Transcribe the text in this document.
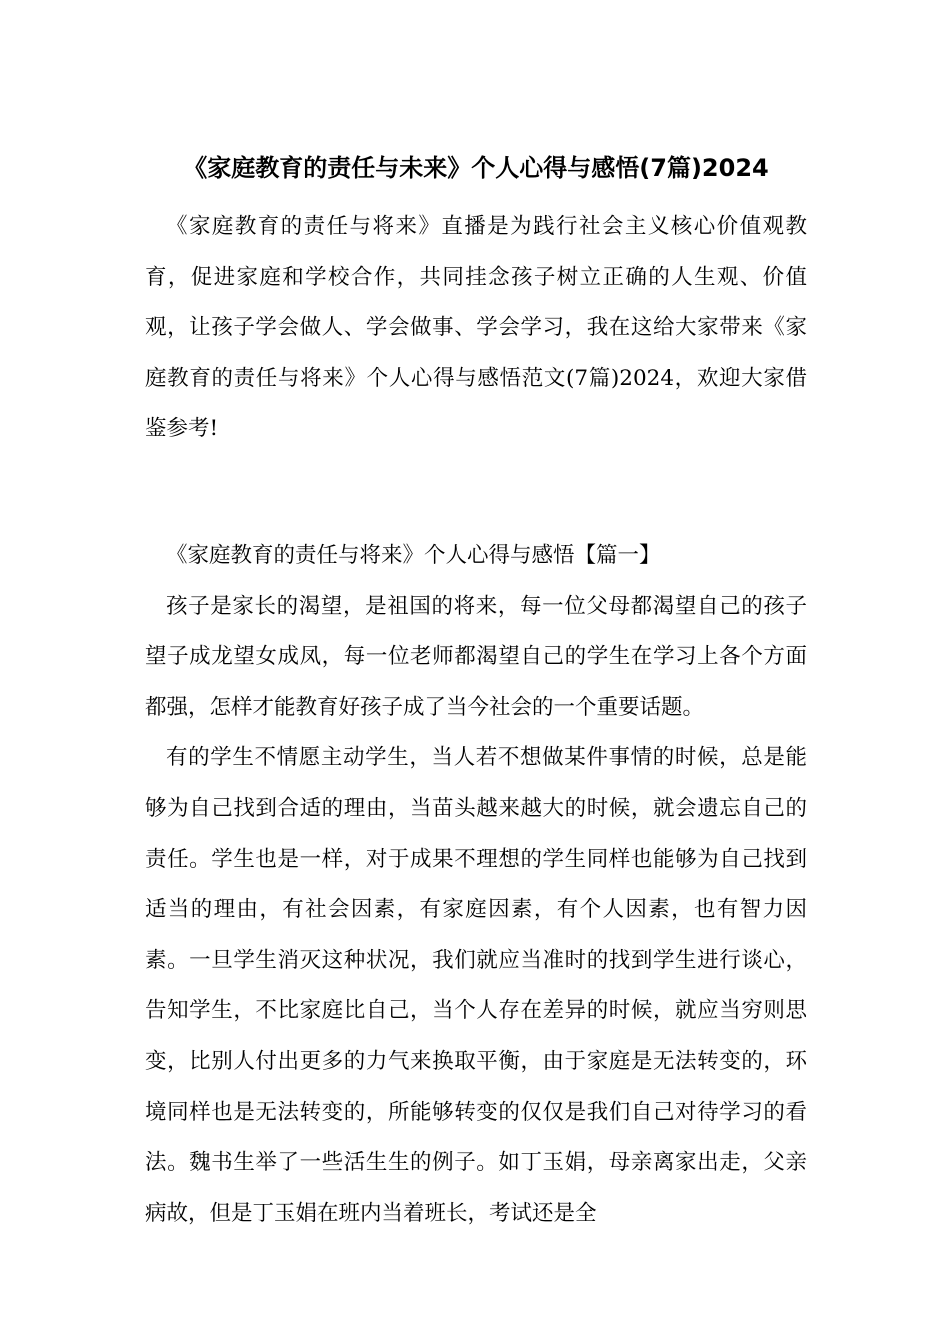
《家庭教育的责任与未来》个人心得与感悟(7篇)2024

《家庭教育的责任与将来》直播是为践行社会主义核心价值观教育，促进家庭和学校合作，共同挂念孩子树立正确的人生观、价值观，让孩子学会做人、学会做事、学会学习，我在这给大家带来《家庭教育的责任与将来》个人心得与感悟范文(7篇)2024，欢迎大家借鉴参考!

《家庭教育的责任与将来》个人心得与感悟【篇一】

孩子是家长的渴望，是祖国的将来，每一位父母都渴望自己的孩子望子成龙望女成凤，每一位老师都渴望自己的学生在学习上各个方面都强，怎样才能教育好孩子成了当今社会的一个重要话题。

有的学生不情愿主动学生，当人若不想做某件事情的时候，总是能够为自己找到合适的理由，当苗头越来越大的时候，就会遗忘自己的责任。学生也是一样，对于成果不理想的学生同样也能够为自己找到适当的理由，有社会因素，有家庭因素，有个人因素，也有智力因素。一旦学生消灭这种状况，我们就应当准时的找到学生进行谈心，告知学生，不比家庭比自己，当个人存在差异的时候，就应当穷则思变，比别人付出更多的力气来换取平衡，由于家庭是无法转变的，环境同样也是无法转变的，所能够转变的仅仅是我们自己对待学习的看法。魏书生举了一些活生生的例子。如丁玉娟，母亲离家出走，父亲病故，但是丁玉娟在班内当着班长，考试还是全
